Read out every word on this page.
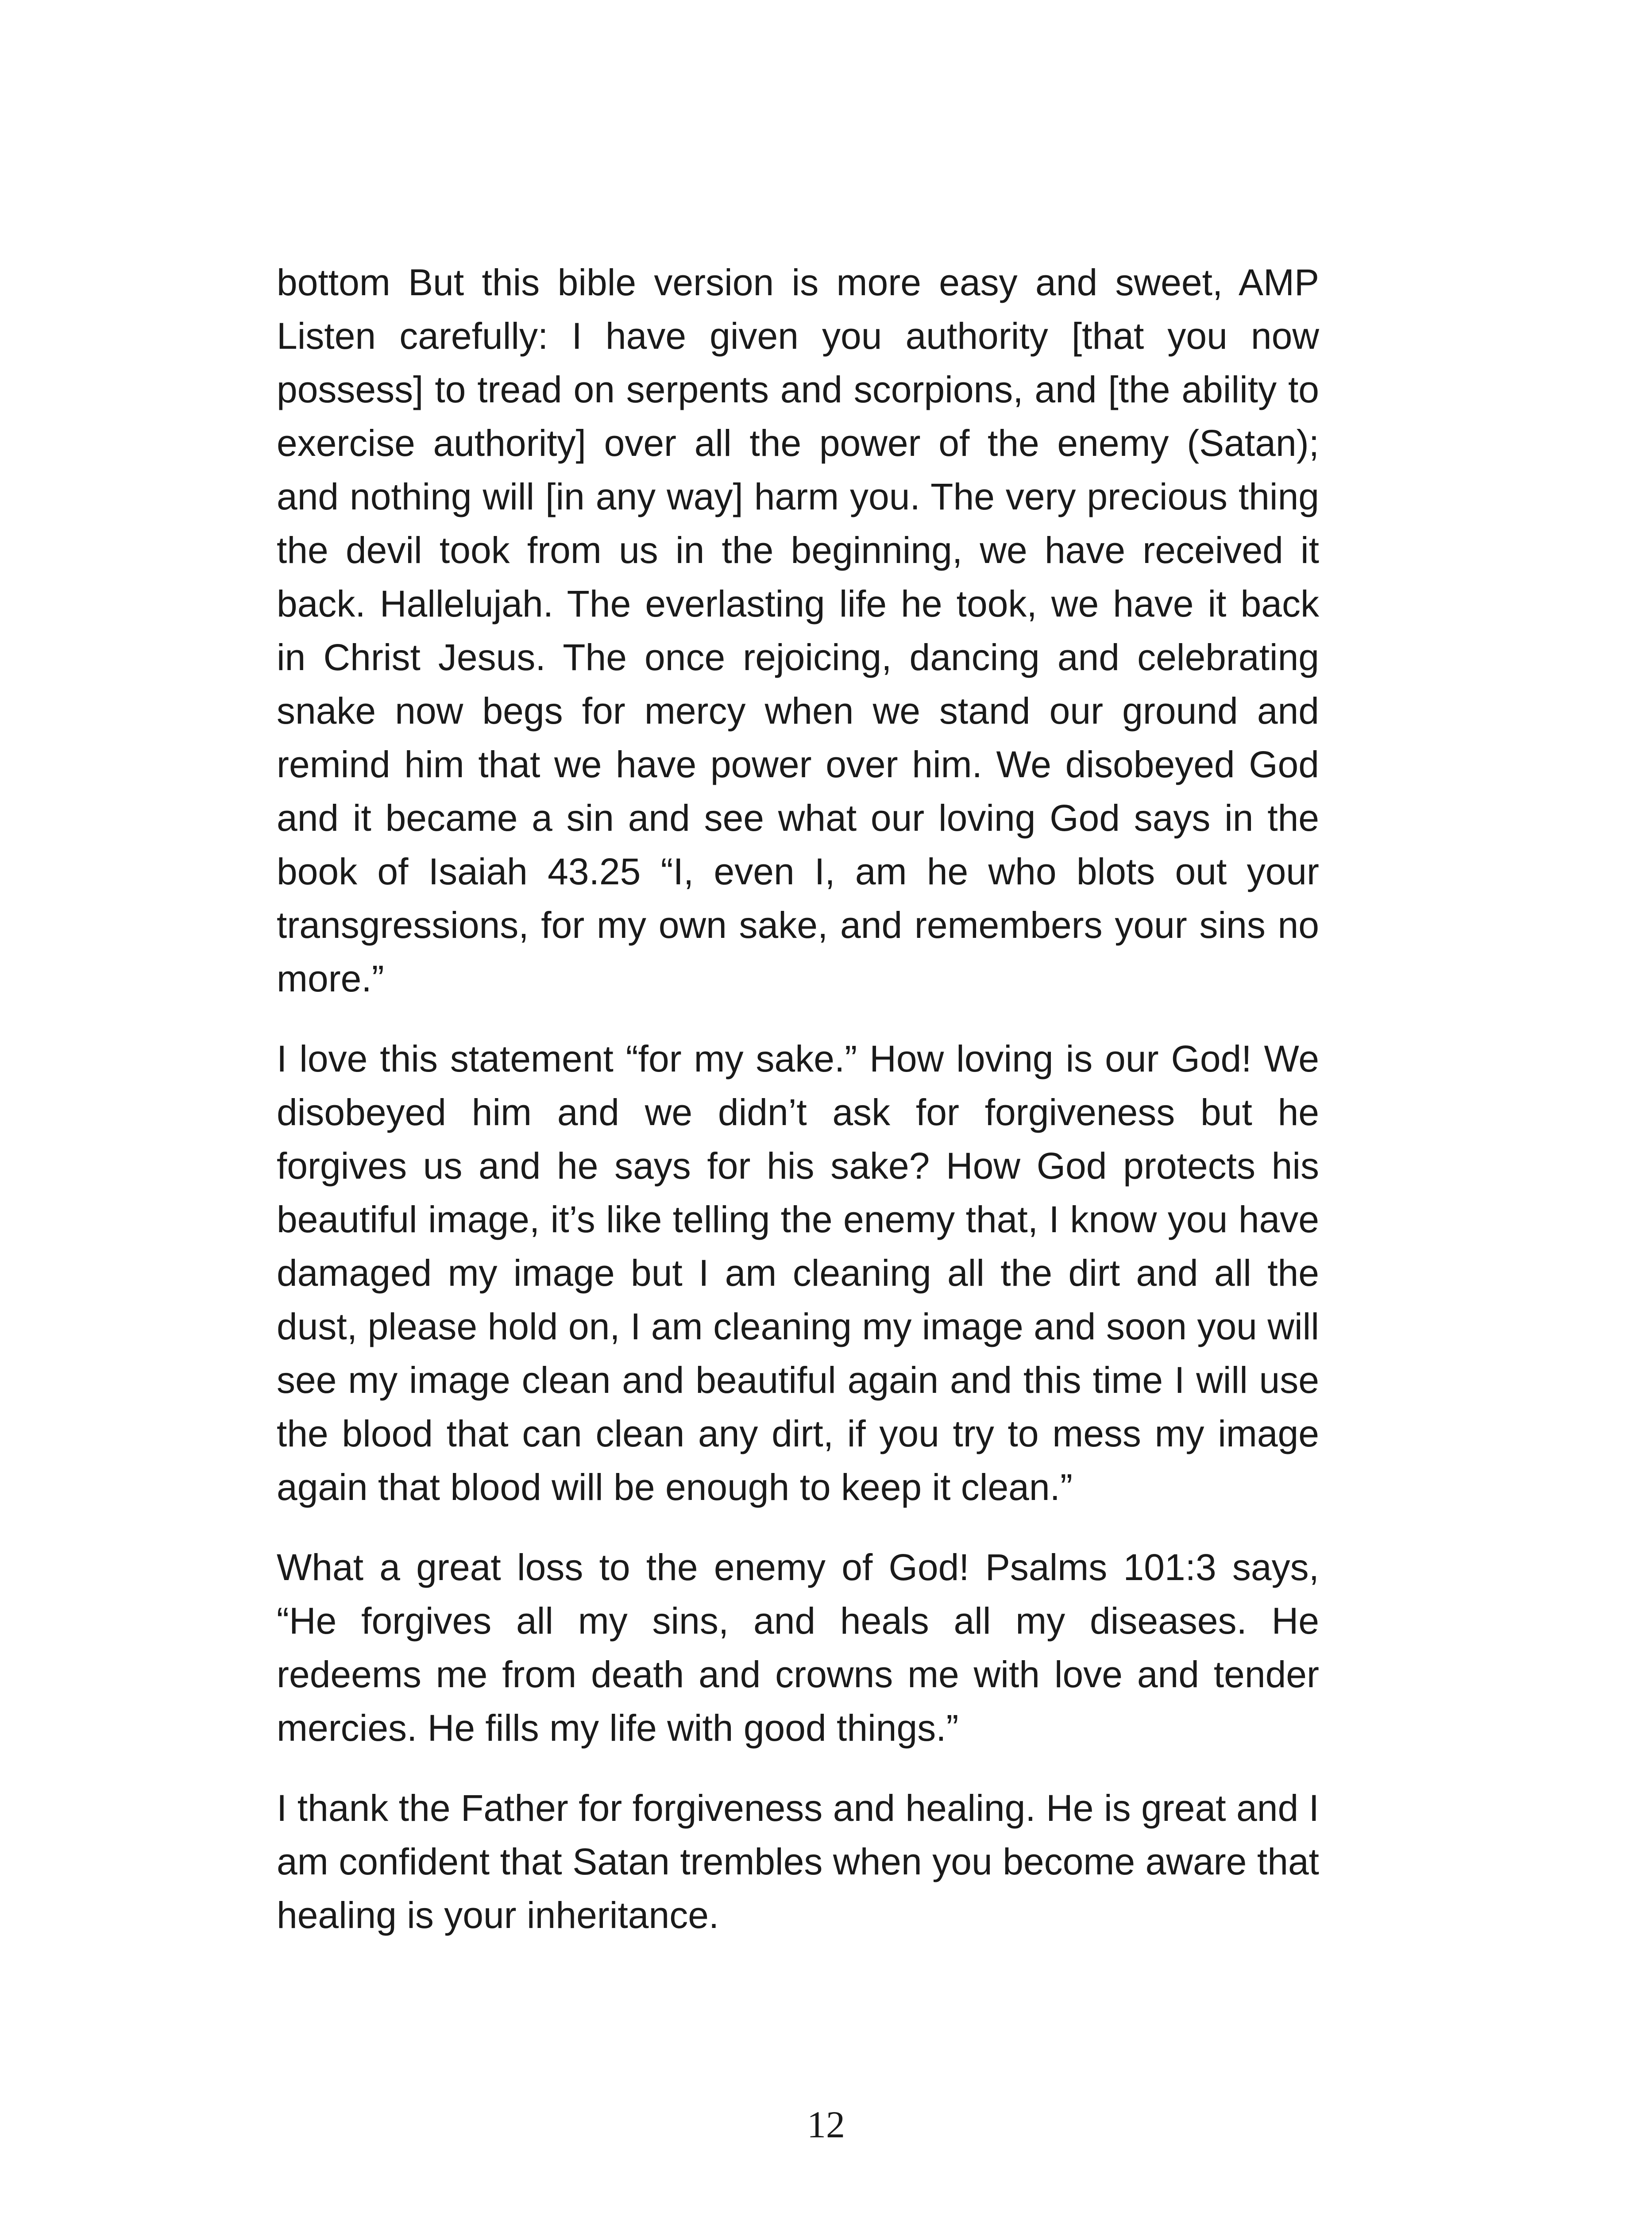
bottom But this bible version is more easy and sweet, AMP Listen carefully: I have given you authority [that you now possess] to tread on serpents and scorpions, and [the ability to exercise authority] over all the power of the enemy (Satan); and nothing will [in any way] harm you. The very precious thing the devil took from us in the beginning, we have received it back. Hallelujah. The everlasting life he took, we have it back in Christ Jesus. The once rejoicing, dancing and celebrating snake now begs for mercy when we stand our ground and remind him that we have power over him. We disobeyed God and it became a sin and see what our loving God says in the book of Isaiah 43.25 “I, even I, am he who blots out your transgressions, for my own sake, and remembers your sins no more.”

I love this statement “for my sake.” How loving is our God! We disobeyed him and we didn’t ask for forgiveness but he forgives us and he says for his sake? How God protects his beautiful image, it’s like telling the enemy that, I know you have damaged my image but I am cleaning all the dirt and all the dust, please hold on, I am cleaning my image and soon you will see my image clean and beautiful again and this time I will use the blood that can clean any dirt, if you try to mess my image again that blood will be enough to keep it clean.”

What a great loss to the enemy of God! Psalms 101:3 says, “He forgives all my sins, and heals all my diseases. He redeems me from death and crowns me with love and tender mercies. He fills my life with good things.”

I thank the Father for forgiveness and healing. He is great and I am confident that Satan trembles when you become aware that healing is your inheritance.

12
